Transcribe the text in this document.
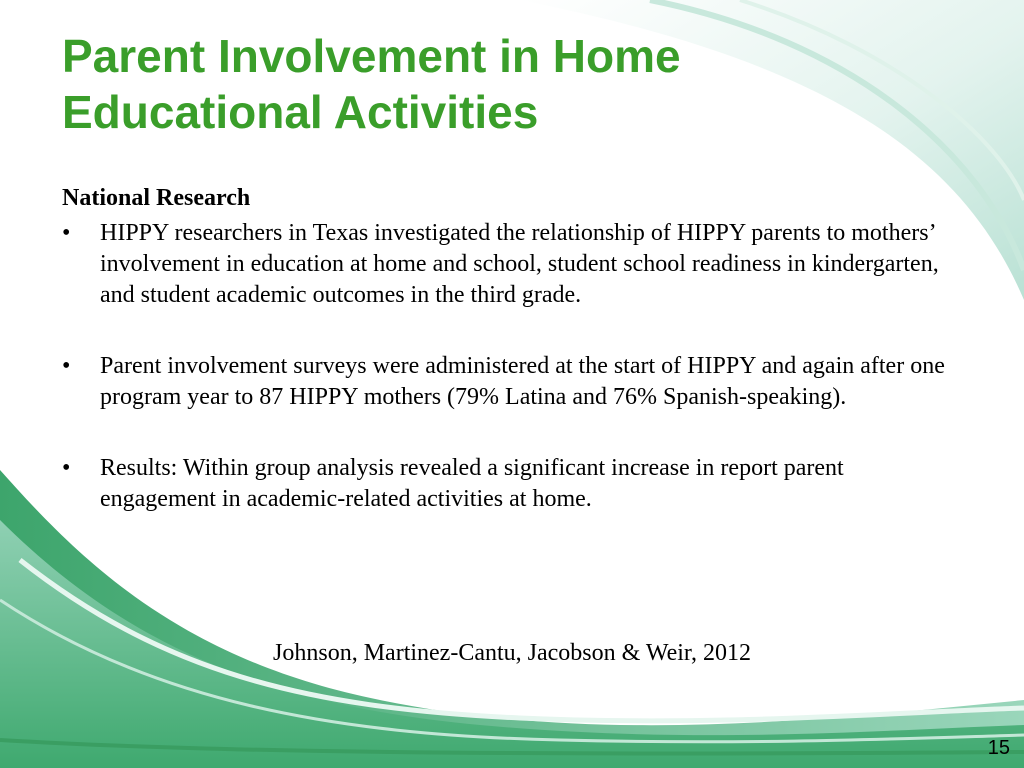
Parent Involvement in Home
Educational Activities
National Research
• HIPPY researchers in Texas investigated the relationship of HIPPY parents to mothers’ involvement in education at home and school, student school readiness in kindergarten, and student academic outcomes in the third grade.
• Parent involvement surveys were administered at the start of HIPPY and again after one program year to 87 HIPPY mothers (79% Latina and 76% Spanish-speaking).
• Results: Within group analysis revealed a significant increase in report parent engagement in academic-related activities at home.
Johnson, Martinez-Cantu, Jacobson & Weir, 2012
15
